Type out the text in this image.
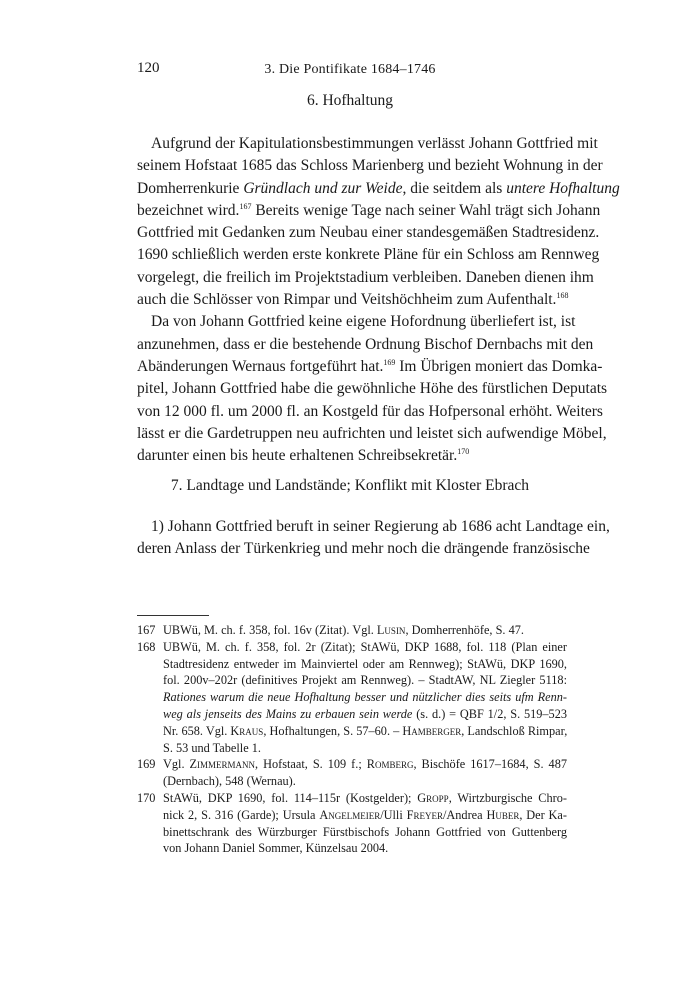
120	3. Die Pontifikate 1684–1746
6. Hofhaltung
Aufgrund der Kapitulationsbestimmungen verlässt Johann Gottfried mit
seinem Hofstaat 1685 das Schloss Marienberg und bezieht Wohnung in der
Domherrenkurie Gründlach und zur Weide, die seitdem als untere Hofhaltung
bezeichnet wird.$^{167}$ Bereits wenige Tage nach seiner Wahl trägt sich Johann
Gottfried mit Gedanken zum Neubau einer standesgemäßen Stadtresidenz.
1690 schließlich werden erste konkrete Pläne für ein Schloss am Rennweg
vorgelegt, die freilich im Projektstadium verbleiben. Daneben dienen ihm
auch die Schlösser von Rimpar und Veitshöchheim zum Aufenthalt.$^{168}$
Da von Johann Gottfried keine eigene Hofordnung überliefert ist, ist
anzunehmen, dass er die bestehende Ordnung Bischof Dernbachs mit den
Abänderungen Wernaus fortgeführt hat.$^{169}$ Im Übrigen moniert das Domka-
pitel, Johann Gottfried habe die gewöhnliche Höhe des fürstlichen Deputats
von 12 000 fl. um 2000 fl. an Kostgeld für das Hofpersonal erhöht. Weiters
lässt er die Gardetruppen neu aufrichten und leistet sich aufwendige Möbel,
darunter einen bis heute erhaltenen Schreibsekretär.$^{170}$
7. Landtage und Landstände; Konflikt mit Kloster Ebrach
1) Johann Gottfried beruft in seiner Regierung ab 1686 acht Landtage ein,
deren Anlass der Türkenkrieg und mehr noch die drängende französische
167 UBWü, M. ch. f. 358, fol. 16v (Zitat). Vgl. Lusin, Domherrenhöfe, S. 47.
168 UBWü, M. ch. f. 358, fol. 2r (Zitat); StAWü, DKP 1688, fol. 118 (Plan einer
Stadtresidenz entweder im Mainviertel oder am Rennweg); StAWü, DKP 1690,
fol. 200v–202r (definitives Projekt am Rennweg). – StadtAW, NL Ziegler 5118:
Rationes warum die neue Hofhaltung besser und nützlicher dies seits ufm Renn-
weg als jenseits des Mains zu erbauen sein werde (s. d.) = QBF 1/2, S. 519–523
Nr. 658. Vgl. Kraus, Hofhaltungen, S. 57–60. – Hamberger, Landschloß Rimpar,
S. 53 und Tabelle 1.
169 Vgl. Zimmermann, Hofstaat, S. 109 f.; Romberg, Bischöfe 1617–1684, S. 487
(Dernbach), 548 (Wernau).
170 StAWü, DKP 1690, fol. 114–115r (Kostgelder); Gropp, Wirtzburgische Chro-
nick 2, S. 316 (Garde); Ursula Angelmeier/Ulli Freyer/Andrea Huber, Der Ka-
binettschrank des Würzburger Fürstbischofs Johann Gottfried von Guttenberg
von Johann Daniel Sommer, Künzelsau 2004.
